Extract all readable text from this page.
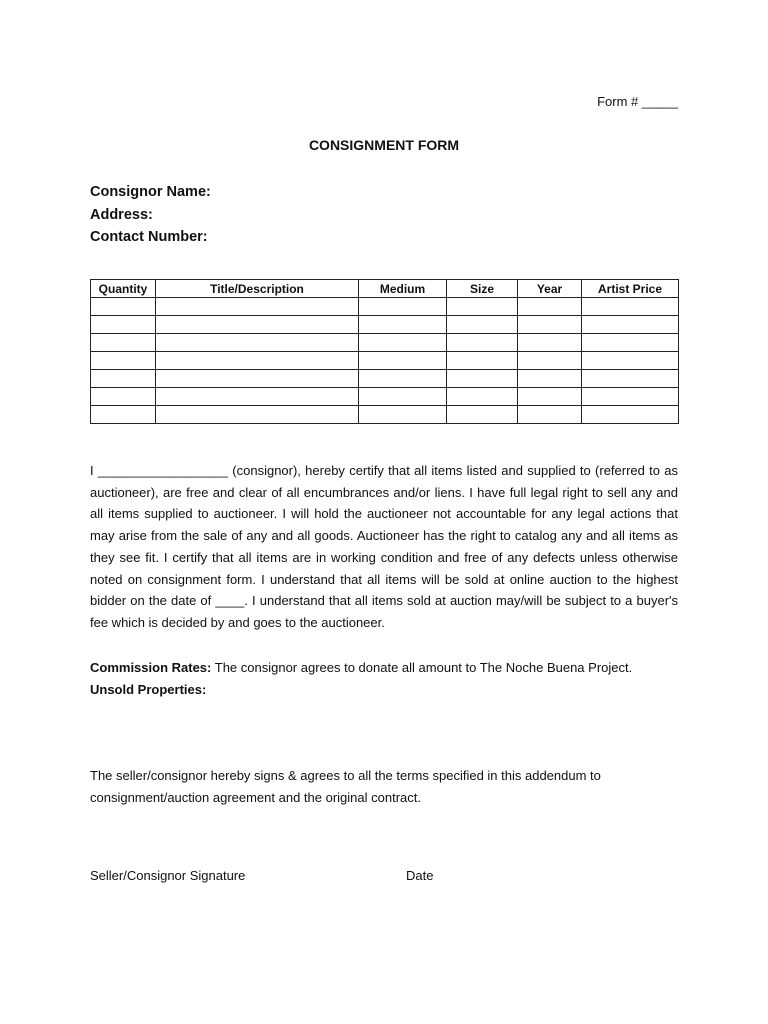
Form # _____
CONSIGNMENT FORM
Consignor Name:
Address:
Contact Number:
Quantity	Title/Description	Medium	Size	Year	Artist Price

I __________________ (consignor), hereby certify that all items listed and supplied to (referred to as auctioneer), are free and clear of all encumbrances and/or liens. I have full legal right to sell any and all items supplied to auctioneer. I will hold the auctioneer not accountable for any legal actions that may arise from the sale of any and all goods. Auctioneer has the right to catalog any and all items as they see fit. I certify that all items are in working condition and free of any defects unless otherwise noted on consignment form. I understand that all items will be sold at online auction to the highest bidder on the date of ____. I understand that all items sold at auction may/will be subject to a buyer's fee which is decided by and goes to the auctioneer.

Commission Rates: The consignor agrees to donate all amount to The Noche Buena Project.

Unsold Properties:

The seller/consignor hereby signs & agrees to all the terms specified in this addendum to consignment/auction agreement and the original contract.

Seller/Consignor Signature	Date
